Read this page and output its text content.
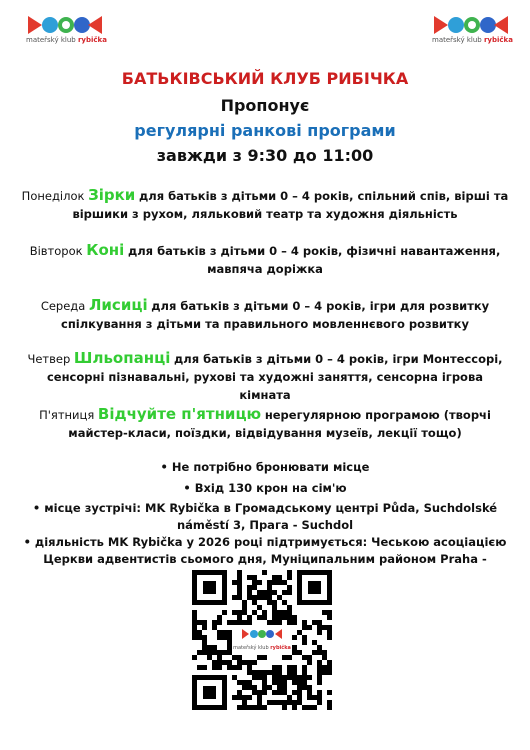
mateřský klub rybička	mateřský klub rybička
БАТЬКІВСЬКИЙ КЛУБ РИБІЧКА
Пропонує
регулярні ранкові програми
завжди з 9:30 до 11:00
Понеділок Зірки для батьків з дітьми 0 – 4 років, спільний спів, вірші та віршики з рухом, ляльковий театр та художня діяльність
Вівторок Коні для батьків з дітьми 0 – 4 років, фізичні навантаження, мавпяча доріжка
Середа Лисиці для батьків з дітьми 0 – 4 років, ігри для розвитку спілкування з дітьми та правильного мовленнєвого розвитку
Четвер Шльопанці для батьків з дітьми 0 – 4 років, ігри Монтессорі, сенсорні пізнавальні, рухові та художні заняття, сенсорна ігрова кімната
П'ятниця Відчуйте п'ятницю нерегулярною програмою (творчі майстер-класи, поїздки, відвідування музеїв, лекції тощо)
• Не потрібно бронювати місце
• Вхід 130 крон на сім'ю
• місце зустрічі: MK Rybička в Громадському центрі Půda, Suchdolské náměstí 3, Прага - Suchdol
• діяльність MK Rybička у 2026 році підтримується: Чеською асоціацією Церкви адвентистів сьомого дня, Муніципальним районом Praha -
mateřský klub rybička
